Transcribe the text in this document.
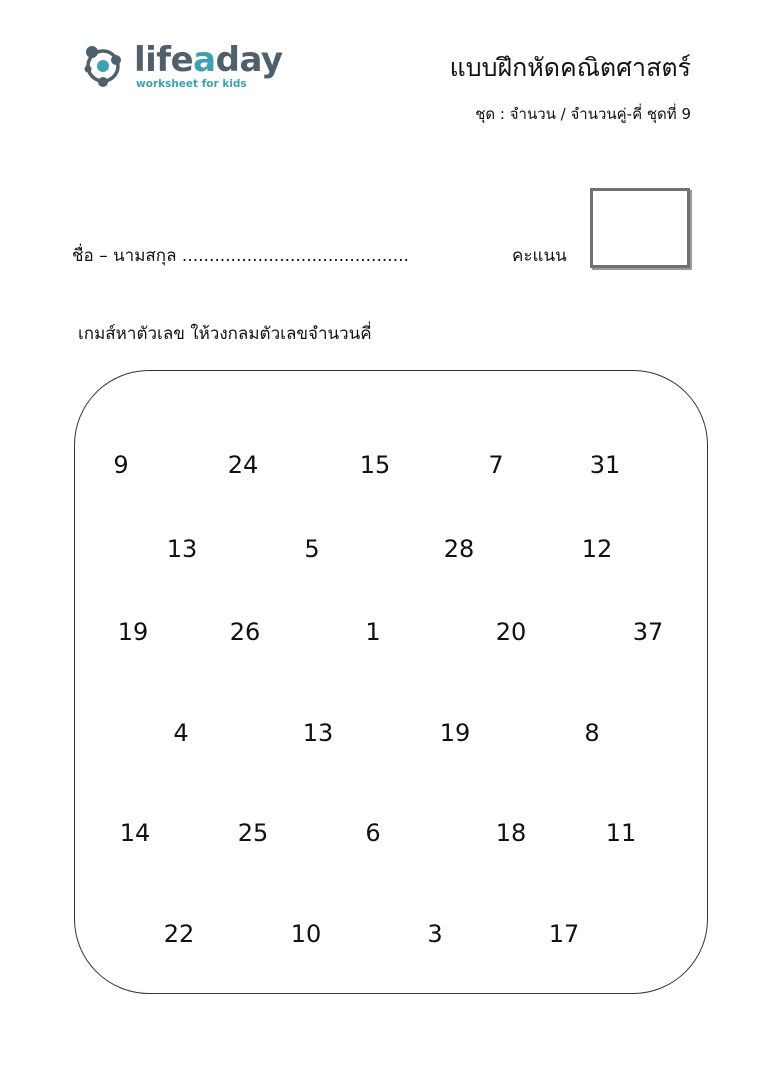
lifeaday
worksheet for kids
แบบฝึกหัดคณิตศาสตร์
ชุด : จำนวน / จำนวนคู่-คี่ ชุดที่ 9
ชื่อ – นามสกุล ..........................................	คะแนน
เกมส์หาตัวเลข ให้วงกลมตัวเลขจำนวนคี่
9	24	15	7	31
13	5	28	12
19	26	1	20	37
4	13	19	8
14	25	6	18	11
22	10	3	17
